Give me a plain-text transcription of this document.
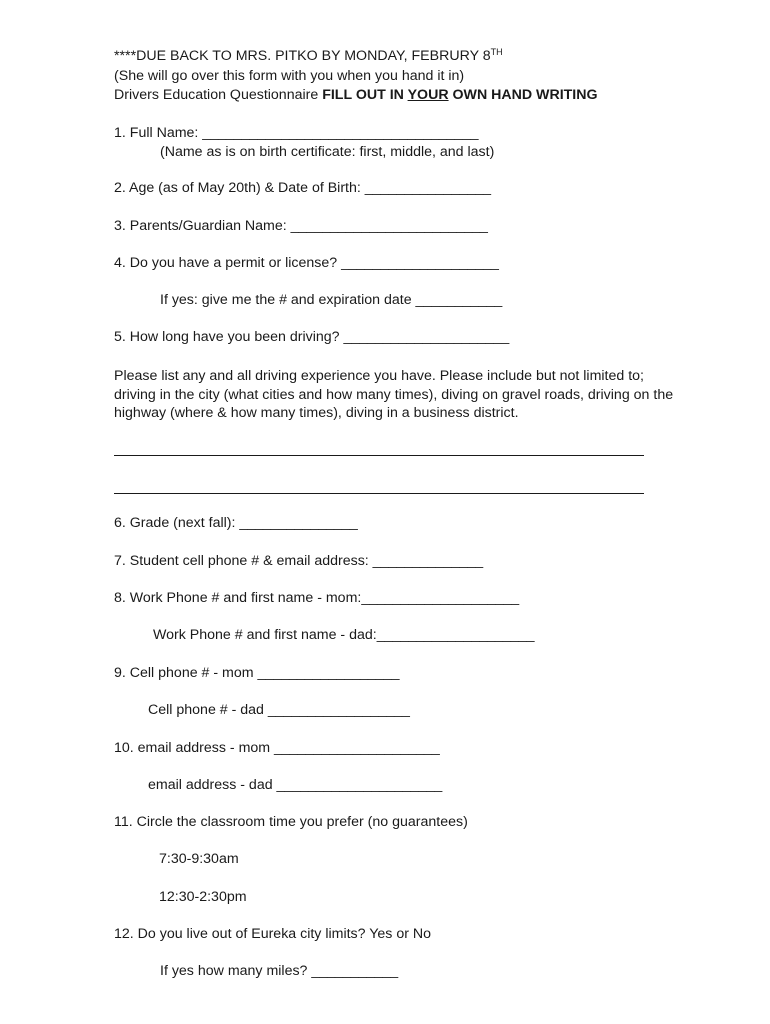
****DUE BACK TO MRS. PITKO BY MONDAY, FEBRURY 8TH
(She will go over this form with you when you hand it in)
Drivers Education Questionnaire FILL OUT IN YOUR OWN HAND WRITING
1. Full Name: ___________________________________
(Name as is on birth certificate: first, middle, and last)
2. Age (as of May 20th) & Date of Birth: ________________
3. Parents/Guardian Name: _________________________
4. Do you have a permit or license? ____________________
If yes: give me the # and expiration date ___________
5. How long have you been driving? _____________________
Please list any and all driving experience you have. Please include but not limited to; driving in the city (what cities and how many times), diving on gravel roads, driving on the highway (where & how many times), diving in a business district.
6. Grade (next fall): _______________
7. Student cell phone # & email address: ______________
8. Work Phone # and first name - mom:____________________
Work Phone # and first name - dad:____________________
9. Cell phone # - mom __________________
Cell phone # - dad __________________
10. email address - mom _____________________
email address - dad _____________________
11. Circle the classroom time you prefer (no guarantees)
7:30-9:30am
12:30-2:30pm
12. Do you live out of Eureka city limits? Yes or No
If yes how many miles? ___________
